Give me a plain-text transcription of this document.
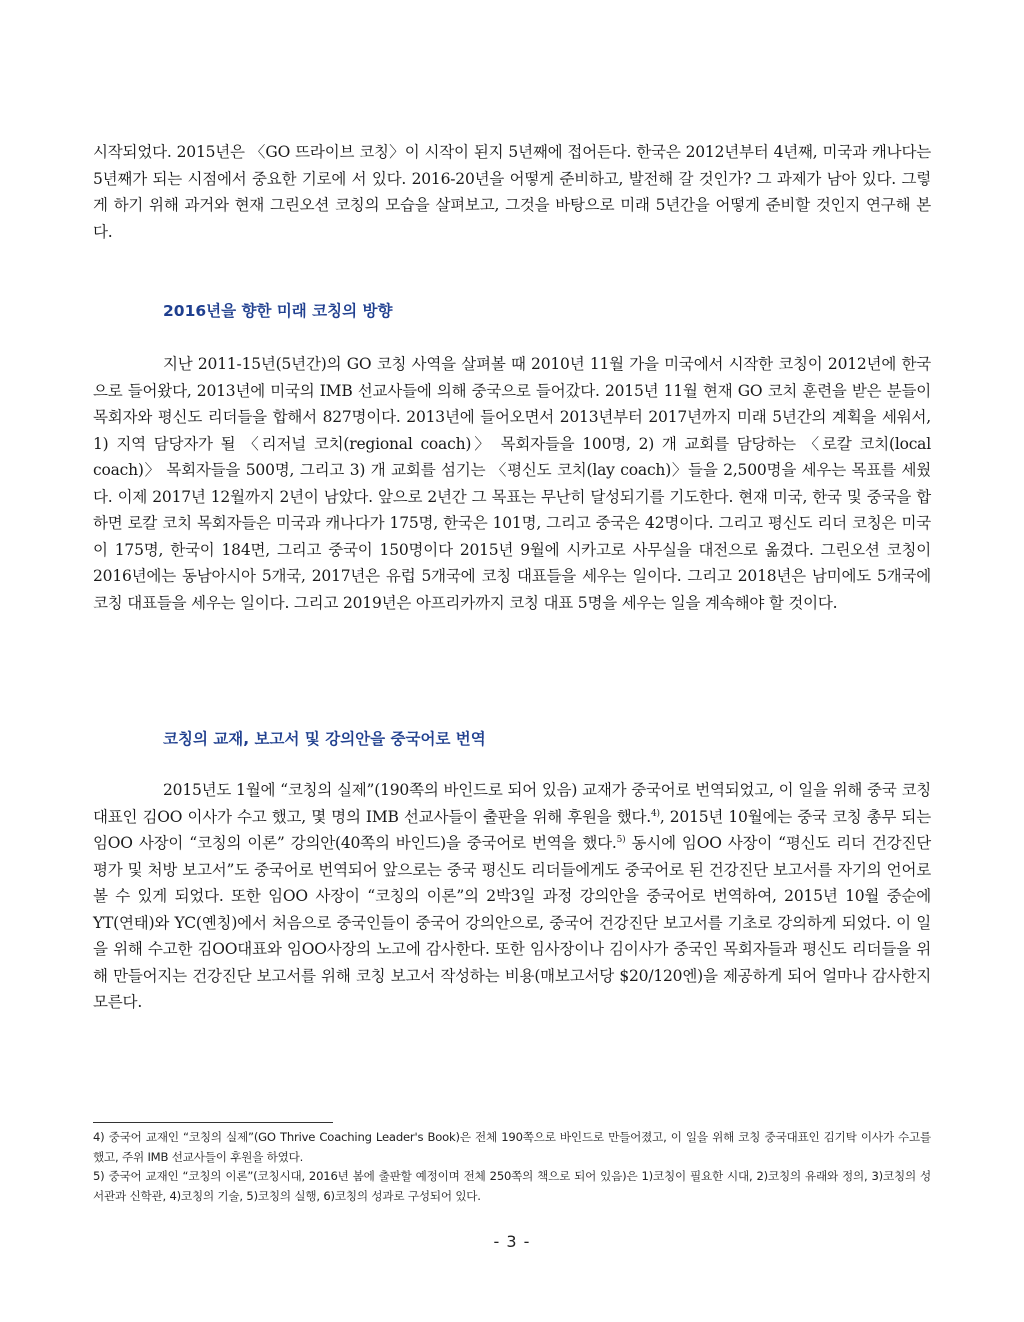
시작되었다. 2015년은 〈GO 뜨라이브 코칭〉이 시작이 된지 5년째에 접어든다. 한국은 2012년부터 4년째, 미국과 캐나다는 5년째가 되는 시점에서 중요한 기로에 서 있다. 2016-20년을 어떻게 준비하고, 발전해 갈 것인가? 그 과제가 남아 있다. 그렇게 하기 위해 과거와 현재 그린오션 코칭의 모습을 살펴보고, 그것을 바탕으로 미래 5년간을 어떻게 준비할 것인지 연구해 본다.

2016년을 향한 미래 코칭의 방향

지난 2011-15년(5년간)의 GO 코칭 사역을 살펴볼 때 2010년 11월 가을 미국에서 시작한 코칭이 2012년에 한국으로 들어왔다, 2013년에 미국의 IMB 선교사들에 의해 중국으로 들어갔다. 2015년 11월 현재 GO 코치 훈련을 받은 분들이 목회자와 평신도 리더들을 합해서 827명이다. 2013년에 들어오면서 2013년부터 2017년까지 미래 5년간의 계획을 세워서, 1) 지역 담당자가 될 〈리저널 코치(regional coach)〉 목회자들을 100명, 2) 개 교회를 담당하는 〈로칼 코치(local coach)〉 목회자들을 500명, 그리고 3) 개 교회를 섬기는 〈평신도 코치(lay coach)〉들을 2,500명을 세우는 목표를 세웠다. 이제 2017년 12월까지 2년이 남았다. 앞으로 2년간 그 목표는 무난히 달성되기를 기도한다. 현재 미국, 한국 및 중국을 합하면 로칼 코치 목회자들은 미국과 캐나다가 175명, 한국은 101명, 그리고 중국은 42명이다. 그리고 평신도 리더 코칭은 미국이 175명, 한국이 184면, 그리고 중국이 150명이다 2015년 9월에 시카고로 사무실을 대전으로 옮겼다. 그린오션 코칭이 2016년에는 동남아시아 5개국, 2017년은 유럽 5개국에 코칭 대표들을 세우는 일이다. 그리고 2018년은 남미에도 5개국에 코칭 대표들을 세우는 일이다. 그리고 2019년은 아프리카까지 코칭 대표 5명을 세우는 일을 계속해야 할 것이다.

코칭의 교재, 보고서 및 강의안을 중국어로 번역

2015년도 1월에 “코칭의 실제”(190쪽의 바인드로 되어 있음) 교재가 중국어로 번역되었고, 이 일을 위해 중국 코칭 대표인 김OO 이사가 수고 했고, 몇 명의 IMB 선교사들이 출판을 위해 후원을 했다.$^{4)}$, 2015년 10월에는 중국 코칭 총무 되는 임OO 사장이 “코칭의 이론” 강의안(40쪽의 바인드)을 중국어로 번역을 했다.$^{5)}$ 동시에 임OO 사장이 “평신도 리더 건강진단 평가 및 처방 보고서”도 중국어로 번역되어 앞으로는 중국 평신도 리더들에게도 중국어로 된 건강진단 보고서를 자기의 언어로 볼 수 있게 되었다. 또한 임OO 사장이 “코칭의 이론”의 2박3일 과정 강의안을 중국어로 번역하여, 2015년 10월 중순에 YT(연태)와 YC(옌칭)에서 처음으로 중국인들이 중국어 강의안으로, 중국어 건강진단 보고서를 기초로 강의하게 되었다. 이 일을 위해 수고한 김OO대표와 임OO사장의 노고에 감사한다. 또한 임사장이나 김이사가 중국인 목회자들과 평신도 리더들을 위해 만들어지는 건강진단 보고서를 위해 코칭 보고서 작성하는 비용(매보고서당 $20/120엔)을 제공하게 되어 얼마나 감사한지 모른다.

4) 중국어 교재인 “코칭의 실제”(GO Thrive Coaching Leader's Book)은 전체 190쪽으로 바인드로 만들어졌고, 이 일을 위해 코칭 중국대표인 김기탁 이사가 수고를 했고, 주위 IMB 선교사들이 후원을 하였다.

5) 중국어 교재인 “코칭의 이론”(코칭시대, 2016년 봄에 출판할 예정이며 전체 250쪽의 책으로 되어 있음)은 1)코칭이 필요한 시대, 2)코칭의 유래와 정의, 3)코칭의 성서관과 신학관, 4)코칭의 기술, 5)코칭의 실행, 6)코칭의 성과로 구성되어 있다.

- 3 -
